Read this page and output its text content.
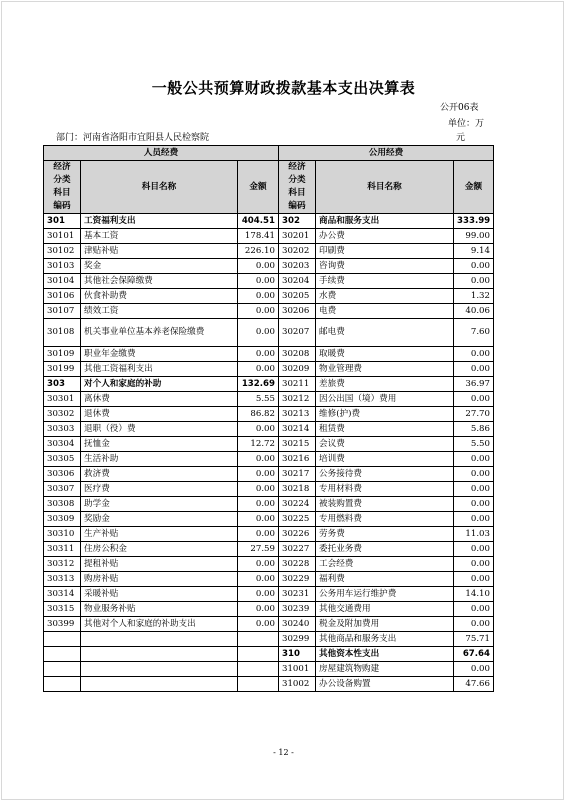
一般公共预算财政拨款基本支出决算表
公开06表
单位：万
部门：河南省洛阳市宜阳县人民检察院	元
人员经费			公用经费		
经济
分类
科目
编码	科目名称	金额	经济
分类
科目
编码	科目名称	金额
301	工资福利支出	404.51	302	商品和服务支出	333.99
30101	基本工资	178.41	30201	办公费	99.00
30102	津贴补贴	226.10	30202	印刷费	9.14
30103	奖金	0.00	30203	咨询费	0.00
30104	其他社会保障缴费	0.00	30204	手续费	0.00
30106	伙食补助费	0.00	30205	水费	1.32
30107	绩效工资	0.00	30206	电费	40.06
30108	机关事业单位基本养老保险缴费	0.00	30207	邮电费	7.60
30109	职业年金缴费	0.00	30208	取暖费	0.00
30199	其他工资福利支出	0.00	30209	物业管理费	0.00
303	对个人和家庭的补助	132.69	30211	差旅费	36.97
30301	离休费	5.55	30212	因公出国（境）费用	0.00
30302	退休费	86.82	30213	维修(护)费	27.70
30303	退职（役）费	0.00	30214	租赁费	5.86
30304	抚恤金	12.72	30215	会议费	5.50
30305	生活补助	0.00	30216	培训费	0.00
30306	救济费	0.00	30217	公务接待费	0.00
30307	医疗费	0.00	30218	专用材料费	0.00
30308	助学金	0.00	30224	被装购置费	0.00
30309	奖励金	0.00	30225	专用燃料费	0.00
30310	生产补贴	0.00	30226	劳务费	11.03
30311	住房公积金	27.59	30227	委托业务费	0.00
30312	提租补贴	0.00	30228	工会经费	0.00
30313	购房补贴	0.00	30229	福利费	0.00
30314	采暖补贴	0.00	30231	公务用车运行维护费	14.10
30315	物业服务补贴	0.00	30239	其他交通费用	0.00
30399	其他对个人和家庭的补助支出	0.00	30240	税金及附加费用	0.00
			30299	其他商品和服务支出	75.71
			310	其他资本性支出	67.64
			31001	房屋建筑物购建	0.00
			31002	办公设备购置	47.66
- 12 -
